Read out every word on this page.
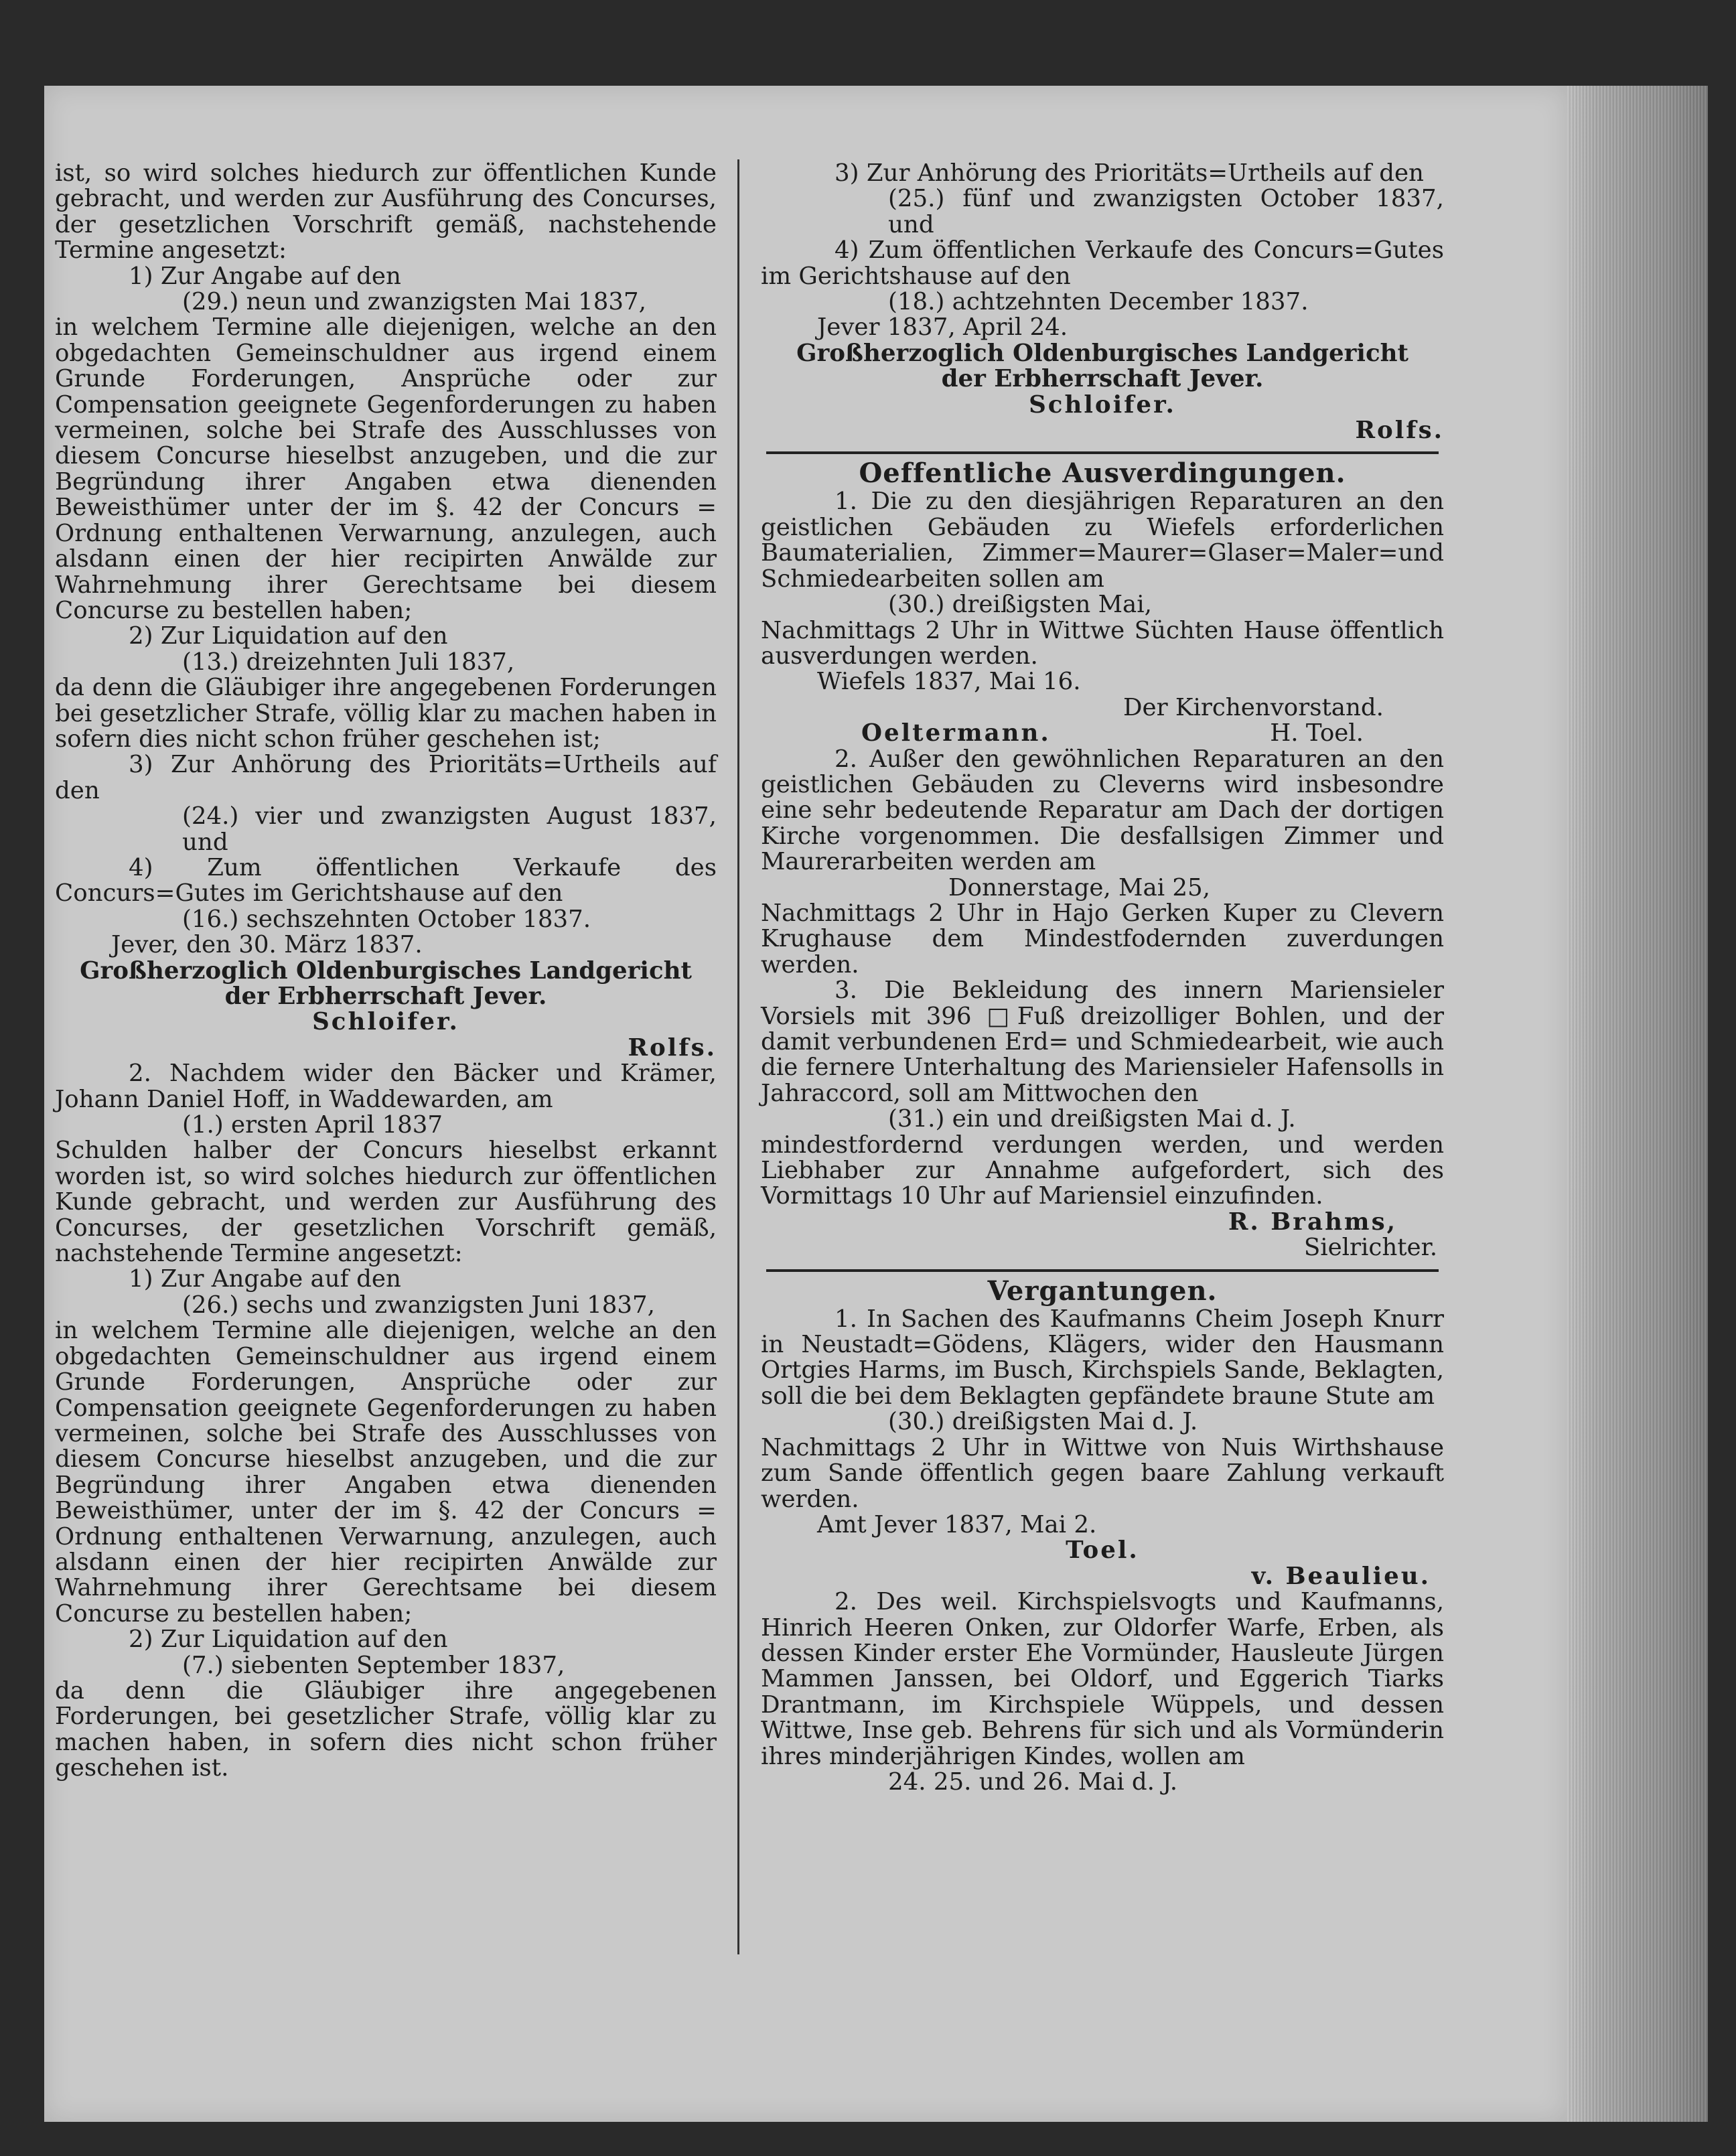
ist, so wird solches hiedurch zur öffentlichen Kunde gebracht, und werden zur Ausführung des Concurses, der gesetzlichen Vorschrift gemäß, nachstehende Termine angesetzt:

1) Zur Angabe auf den

(29.) neun und zwanzigsten Mai 1837,

in welchem Termine alle diejenigen, welche an den obgedachten Gemeinschuldner aus irgend einem Grunde Forderungen, Ansprüche oder zur Compensation geeignete Gegenforderungen zu haben vermeinen, solche bei Strafe des Ausschlusses von diesem Concurse hieselbst anzugeben, und die zur Begründung ihrer Angaben etwa dienenden Beweisthümer unter der im §. 42 der Concurs = Ordnung enthaltenen Verwarnung, anzulegen, auch alsdann einen der hier recipirten Anwälde zur Wahrnehmung ihrer Gerechtsame bei diesem Concurse zu bestellen haben;

2) Zur Liquidation auf den

(13.) dreizehnten Juli 1837,

da denn die Gläubiger ihre angegebenen Forderungen bei gesetzlicher Strafe, völlig klar zu machen haben in sofern dies nicht schon früher geschehen ist;

3) Zur Anhörung des Prioritäts=Urtheils auf den

(24.) vier und zwanzigsten August 1837, und

4) Zum öffentlichen Verkaufe des Concurs=Gutes im Gerichtshause auf den

(16.) sechszehnten October 1837.

Jever, den 30. März 1837.

Großherzoglich Oldenburgisches Landgericht

der Erbherrschaft Jever.

Schloifer.

Rolfs.

2. Nachdem wider den Bäcker und Krämer, Johann Daniel Hoff, in Waddewarden, am

(1.) ersten April 1837

Schulden halber der Concurs hieselbst erkannt worden ist, so wird solches hiedurch zur öffentlichen Kunde gebracht, und werden zur Ausführung des Concurses, der gesetzlichen Vorschrift gemäß, nachstehende Termine angesetzt:

1) Zur Angabe auf den

(26.) sechs und zwanzigsten Juni 1837,

in welchem Termine alle diejenigen, welche an den obgedachten Gemeinschuldner aus irgend einem Grunde Forderungen, Ansprüche oder zur Compensation geeignete Gegenforderungen zu haben vermeinen, solche bei Strafe des Ausschlusses von diesem Concurse hieselbst anzugeben, und die zur Begründung ihrer Angaben etwa dienenden Beweisthümer, unter der im §. 42 der Concurs = Ordnung enthaltenen Verwarnung, anzulegen, auch alsdann einen der hier recipirten Anwälde zur Wahrnehmung ihrer Gerechtsame bei diesem Concurse zu bestellen haben;

2) Zur Liquidation auf den

(7.) siebenten September 1837,

da denn die Gläubiger ihre angegebenen Forderungen, bei gesetzlicher Strafe, völlig klar zu machen haben, in sofern dies nicht schon früher geschehen ist.

3) Zur Anhörung des Prioritäts=Urtheils auf den

(25.) fünf und zwanzigsten October 1837, und

4) Zum öffentlichen Verkaufe des Concurs=Gutes im Gerichtshause auf den

(18.) achtzehnten December 1837.

Jever 1837, April 24.

Großherzoglich Oldenburgisches Landgericht

der Erbherrschaft Jever.

Schloifer.

Rolfs.

Oeffentliche Ausverdingungen.

1. Die zu den diesjährigen Reparaturen an den geistlichen Gebäuden zu Wiefels erforderlichen Baumaterialien, Zimmer=Maurer=Glaser=Maler=und Schmiedearbeiten sollen am

(30.) dreißigsten Mai,

Nachmittags 2 Uhr in Wittwe Süchten Hause öffentlich ausverdungen werden.

Wiefels 1837, Mai 16.

Der Kirchenvorstand.

Oeltermann.	H. Toel.

2. Außer den gewöhnlichen Reparaturen an den geistlichen Gebäuden zu Cleverns wird insbesondre eine sehr bedeutende Reparatur am Dach der dortigen Kirche vorgenommen. Die desfallsigen Zimmer und Maurerarbeiten werden am

Donnerstage, Mai 25,

Nachmittags 2 Uhr in Hajo Gerken Kuper zu Clevern Krughause dem Mindestfodernden zuverdungen werden.

3. Die Bekleidung des innern Mariensieler Vorsiels mit 396 □Fuß dreizolliger Bohlen, und der damit verbundenen Erd= und Schmiedearbeit, wie auch die fernere Unterhaltung des Mariensieler Hafensolls in Jahraccord, soll am Mittwochen den

(31.) ein und dreißigsten Mai d. J.

mindestfordernd verdungen werden, und werden Liebhaber zur Annahme aufgefordert, sich des Vormittags 10 Uhr auf Mariensiel einzufinden.

R. Brahms,

Sielrichter.

Vergantungen.

1. In Sachen des Kaufmanns Cheim Joseph Knurr in Neustadt=Gödens, Klägers, wider den Hausmann Ortgies Harms, im Busch, Kirchspiels Sande, Beklagten, soll die bei dem Beklagten gepfändete braune Stute am

(30.) dreißigsten Mai d. J.

Nachmittags 2 Uhr in Wittwe von Nuis Wirthshause zum Sande öffentlich gegen baare Zahlung verkauft werden.

Amt Jever 1837, Mai 2.

Toel.

v. Beaulieu.

2. Des weil. Kirchspielsvogts und Kaufmanns, Hinrich Heeren Onken, zur Oldorfer Warfe, Erben, als dessen Kinder erster Ehe Vormünder, Hausleute Jürgen Mammen Janssen, bei Oldorf, und Eggerich Tiarks Drantmann, im Kirchspiele Wüppels, und dessen Wittwe, Inse geb. Behrens für sich und als Vormünderin ihres minderjährigen Kindes, wollen am

24. 25. und 26. Mai d. J.
